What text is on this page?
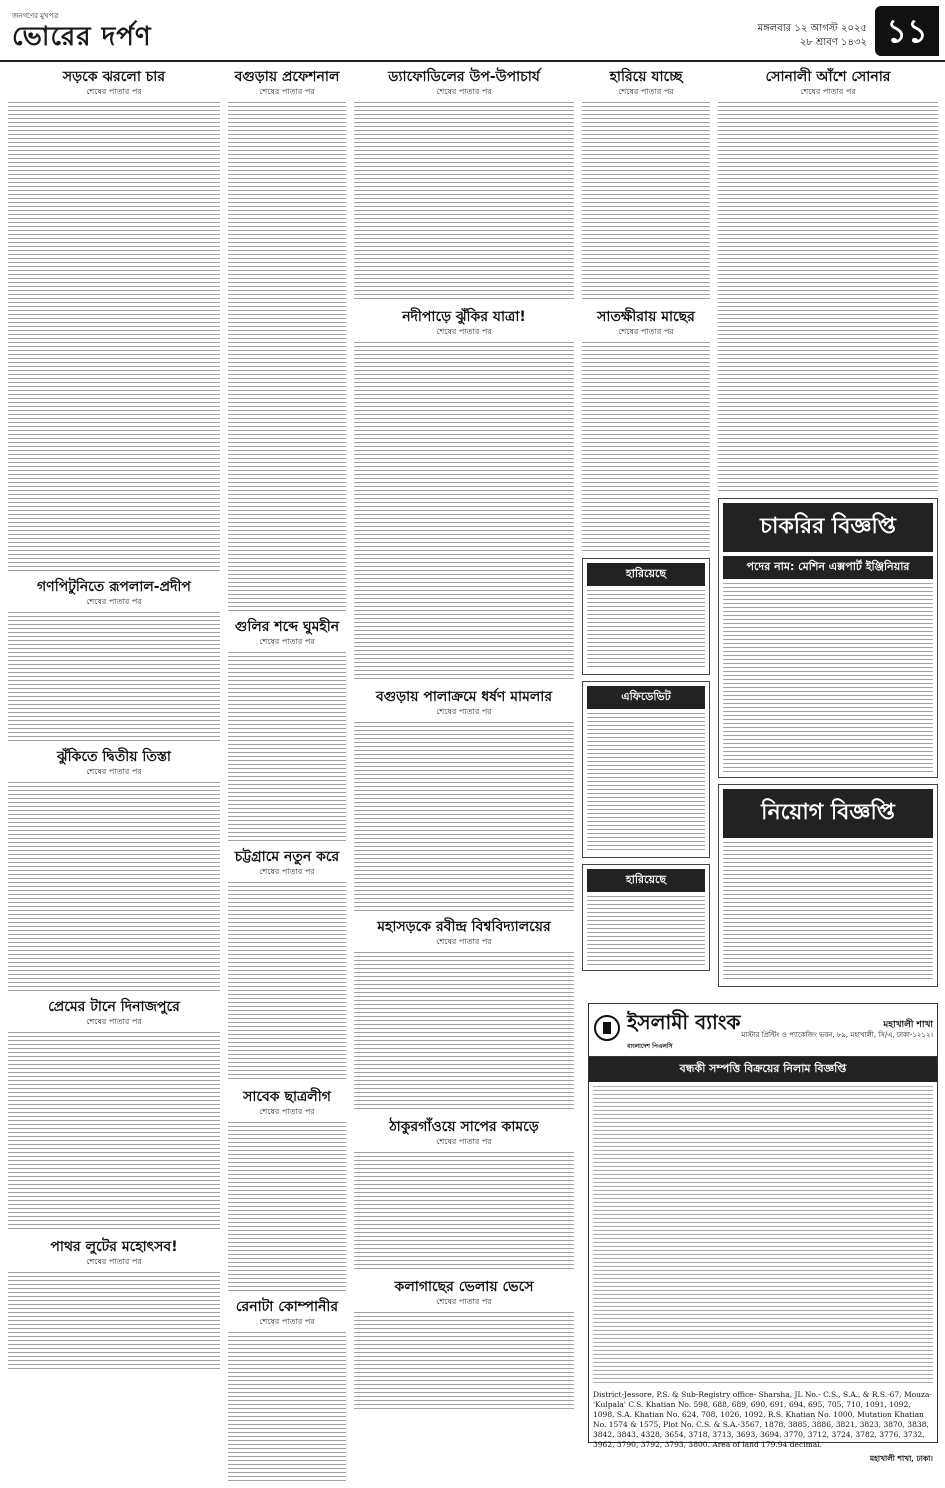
জনগণের মুখপত্র
ভোরের দর্পণ	মঙ্গলবার ১২ আগস্ট ২০২৫
২৮ শ্রাবণ ১৪৩২ ১১
সড়কে ঝরলো চার
শেষের পাতার পর
গণপিটুনিতে রূপলাল-প্রদীপ
শেষের পাতার পর
ঝুঁকিতে দ্বিতীয় তিস্তা
শেষের পাতার পর
প্রেমের টানে দিনাজপুরে
শেষের পাতার পর
পাথর লুটের মহোৎসব!
শেষের পাতার পর
বগুড়ায় প্রফেশনাল
শেষের পাতার পর
গুলির শব্দে ঘুমহীন
শেষের পাতার পর
চট্টগ্রামে নতুন করে
শেষের পাতার পর
সাবেক ছাত্রলীগ
শেষের পাতার পর
রেনাটা কোম্পানীর
শেষের পাতার পর
ড্যাফোডিলের উপ-উপাচার্য
শেষের পাতার পর
নদীপাড়ে ঝুঁকির যাত্রা!
শেষের পাতার পর
বগুড়ায় পালাক্রমে ধর্ষণ মামলার
শেষের পাতার পর
মহাসড়কে রবীন্দ্র বিশ্ববিদ্যালয়ের
শেষের পাতার পর
ঠাকুরগাঁওয়ে সাপের কামড়ে
শেষের পাতার পর
কলাগাছের ভেলায় ভেসে
শেষের পাতার পর
হারিয়ে যাচ্ছে
শেষের পাতার পর
সাতক্ষীরায় মাছের
শেষের পাতার পর
হারিয়েছে
এফিডেভিট
হারিয়েছে
সোনালী আঁশে সোনার
শেষের পাতার পর
চাকরির বিজ্ঞপ্তি
পদের নাম: মেশিন এক্সপার্ট ইঞ্জিনিয়ার
নিয়োগ বিজ্ঞপ্তি
ইসলামী ব্যাংক
বাংলাদেশ পিএলসি
মহাখালী শাখা
মাস্টার প্রিন্টিং ও প্যাকেজিং ভবন, ৮৯, মহাখালী, সি/এ, ঢাকা-১২১২।
বন্ধকী সম্পত্তি বিক্রয়ের নিলাম বিজ্ঞপ্তি
District-Jessore, P.S. & Sub-Registry office- Sharsha, JL No.- C.S., S.A., & R.S.-67, Mouza-'Kulpala' C.S. Khatian No. 598, 688, 689, 690, 691, 694, 695, 705, 710, 1091, 1092, 1098, S.A. Khatian No. 624, 708, 1026, 1092, R.S. Khatian No. 1000, Mutation Khatian No. 1574 & 1575, Plot No. C.S. & S.A.-3567, 1878, 3885, 3886, 3821, 3823, 3870, 3838, 3842, 3843, 4328, 3654, 3718, 3713, 3693, 3694, 3770, 3712, 3724, 3782, 3776, 3732, 3962, 3790, 3792, 3793, 3800. Area of land 179.94 decimal.
মহাখালী শাখা, ঢাকা।
